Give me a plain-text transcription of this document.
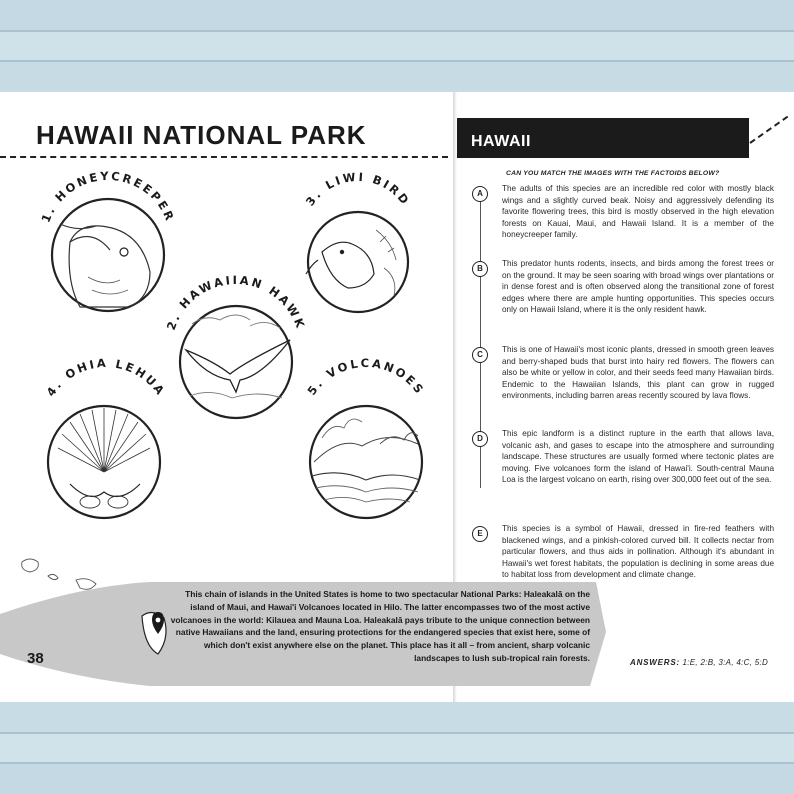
HAWAII NATIONAL PARK
1. HONEYCREEPER
2. HAWAIIAN HAWK
3. LIWI BIRD
4. OHIA LEHUA	5. VOLCANOES

This chain of islands in the United States is home to two spectacular National Parks: Haleakalā on the island of Maui, and Hawai'i Volcanoes located in Hilo. The latter encompasses two of the most active volcanoes in the world: Kilauea and Mauna Loa. Haleakalā pays tribute to the unique connection between native Hawaiians and the land, ensuring protections for the endangered species that exist here, some of which don't exist anywhere else on the planet. This place has it all – from ancient, sharp volcanic landscapes to lush sub-tropical rain forests.

38
HAWAII
CAN YOU MATCH THE IMAGES WITH THE FACTOIDS BELOW?
A

The adults of this species are an incredible red color with mostly black wings and a slightly curved beak. Noisy and aggressively defending its favorite flowering trees, this bird is mostly observed in the high elevation forests on Kauai, Maui, and Hawaii Island. It is a member of the honeycreeper family.

B

This predator hunts rodents, insects, and birds among the forest trees or on the ground. It may be seen soaring with broad wings over plantations or in dense forest and is often observed along the transitional zone of forest edges where there are ample hunting opportunities. This species occurs only on Hawaii Island, where it is the only resident hawk.

C

This is one of Hawaii's most iconic plants, dressed in smooth green leaves and berry-shaped buds that burst into hairy red flowers. The flowers can also be white or yellow in color, and their seeds feed many Hawaiian birds. Endemic to the Hawaiian Islands, this plant can grow in rugged environments, including barren areas recently scoured by lava flows.

D

This epic landform is a distinct rupture in the earth that allows lava, volcanic ash, and gases to escape into the atmosphere and surrounding landscape. These structures are usually formed where tectonic plates are moving. Five volcanoes form the island of Hawai'i. South-central Mauna Loa is the largest volcano on earth, rising over 300,000 feet out of the sea.

E

This species is a symbol of Hawaii, dressed in fire-red feathers with blackened wings, and a pinkish-colored curved bill. It collects nectar from particular flowers, and thus aids in pollination. Although it's abundant in Hawaii's wet forest habitats, the population is declining in some areas due to habitat loss from development and climate change.

ANSWERS: 1:E, 2:B, 3:A, 4:C, 5:D
